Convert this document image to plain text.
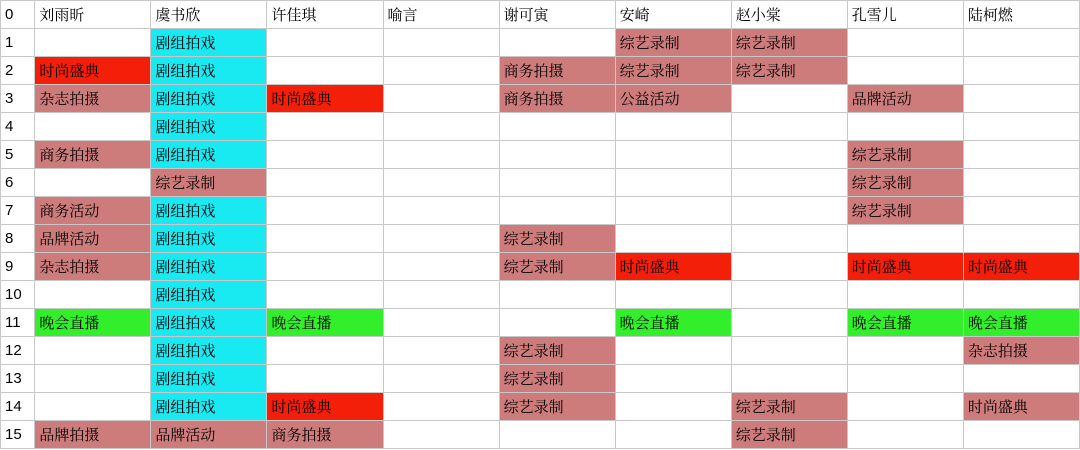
0	刘雨昕	虞书欣	许佳琪	喻言	谢可寅	安崎	赵小棠	孔雪儿	陆柯燃
1		剧组拍戏				综艺录制	综艺录制		
2	时尚盛典	剧组拍戏			商务拍摄	综艺录制	综艺录制		
3	杂志拍摄	剧组拍戏	时尚盛典		商务拍摄	公益活动		品牌活动	
4		剧组拍戏							
5	商务拍摄	剧组拍戏						综艺录制	
6		综艺录制						综艺录制	
7	商务活动	剧组拍戏						综艺录制	
8	品牌活动	剧组拍戏			综艺录制				
9	杂志拍摄	剧组拍戏			综艺录制	时尚盛典		时尚盛典	时尚盛典
10		剧组拍戏							
11	晚会直播	剧组拍戏	晚会直播			晚会直播		晚会直播	晚会直播
12		剧组拍戏			综艺录制				杂志拍摄
13		剧组拍戏			综艺录制				
14		剧组拍戏	时尚盛典		综艺录制		综艺录制		时尚盛典
15	品牌拍摄	品牌活动	商务拍摄				综艺录制		
